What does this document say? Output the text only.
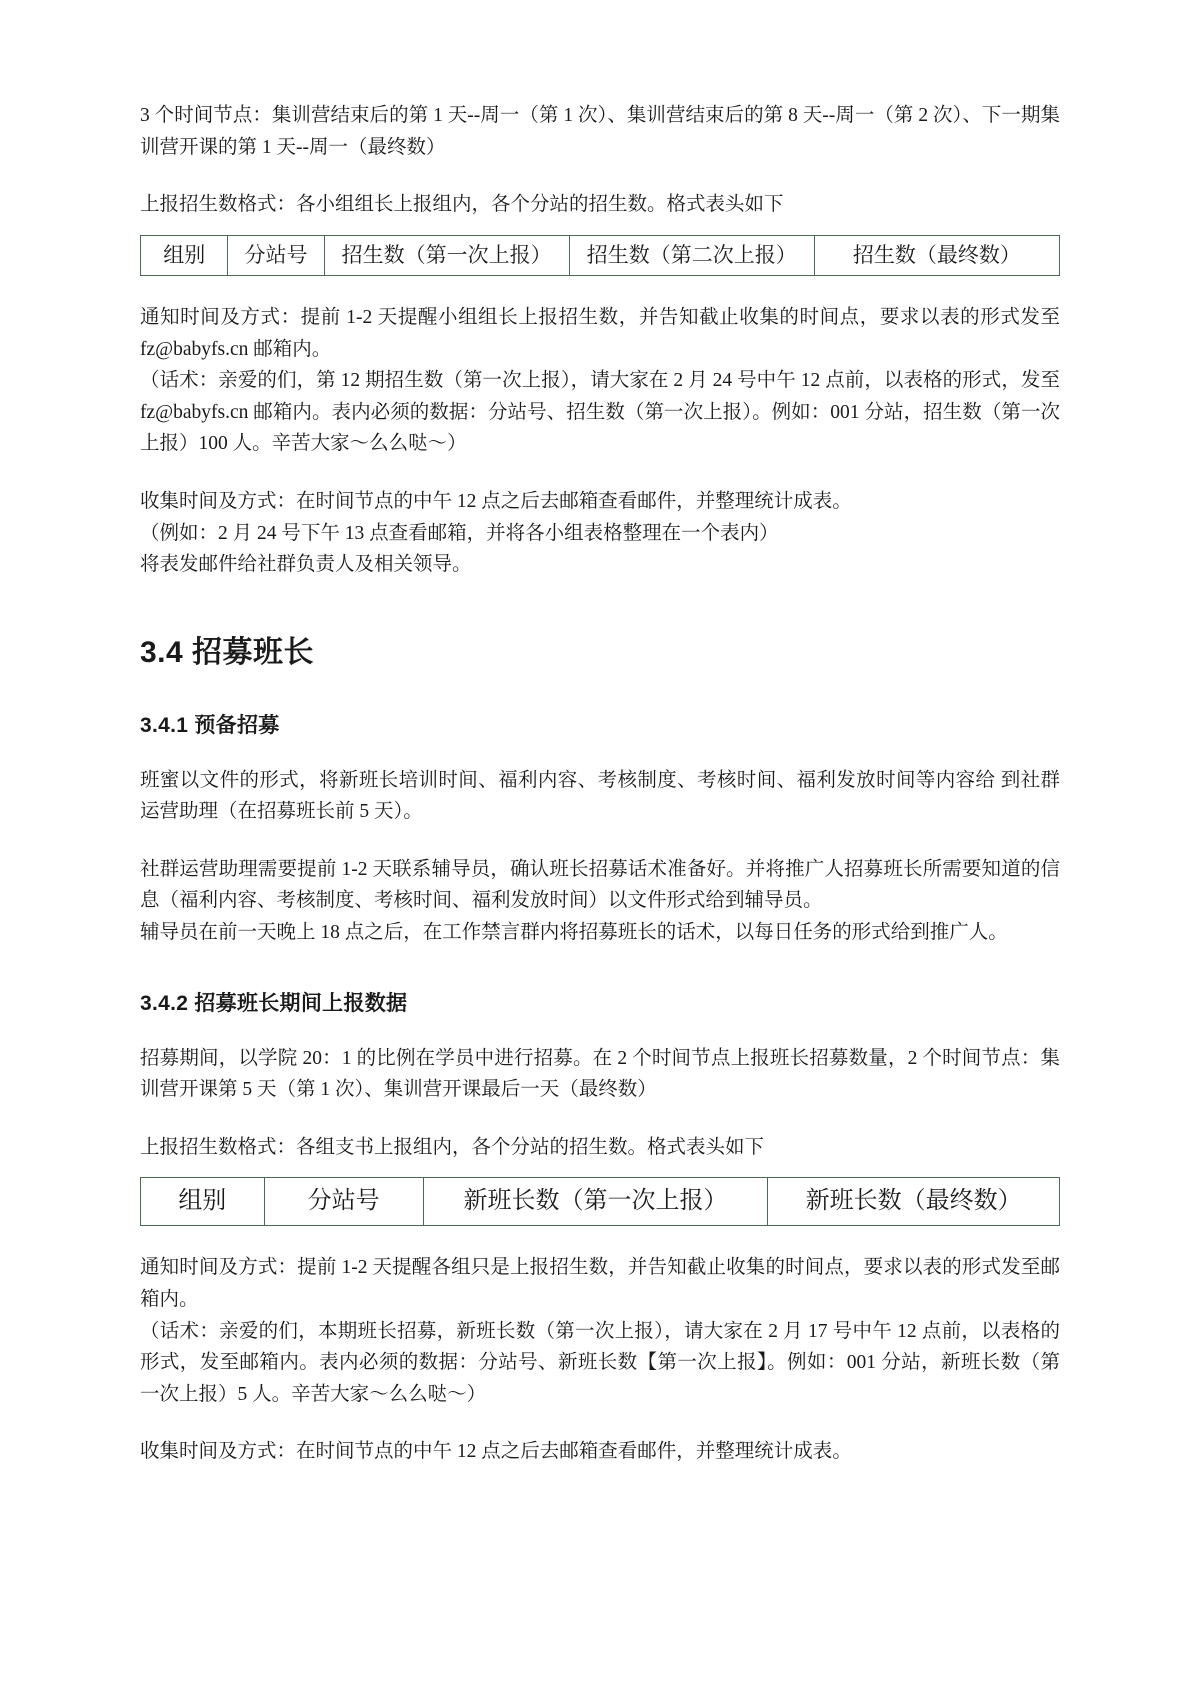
3 个时间节点：集训营结束后的第 1 天--周一（第 1 次）、集训营结束后的第 8 天--周一（第 2 次）、下一期集训营开课的第 1 天--周一（最终数）

上报招生数格式：各小组组长上报组内，各个分站的招生数。格式表头如下

组别	分站号	招生数（第一次上报）	招生数（第二次上报）	招生数（最终数）

通知时间及方式：提前 1-2 天提醒小组组长上报招生数，并告知截止收集的时间点，要求以表的形式发至 fz@babyfs.cn 邮箱内。

（话术：亲爱的们，第 12 期招生数（第一次上报），请大家在 2 月 24 号中午 12 点前，以表格的形式，发至 fz@babyfs.cn 邮箱内。表内必须的数据：分站号、招生数（第一次上报）。例如：001 分站，招生数（第一次上报）100 人。辛苦大家〜么么哒〜）

收集时间及方式：在时间节点的中午 12 点之后去邮箱查看邮件，并整理统计成表。

（例如：2 月 24 号下午 13 点查看邮箱，并将各小组表格整理在一个表内）

将表发邮件给社群负责人及相关领导。

3.4 招募班长
3.4.1 预备招募

班蜜以文件的形式，将新班长培训时间、福利内容、考核制度、考核时间、福利发放时间等内容给 到社群运营助理（在招募班长前 5 天）。

社群运营助理需要提前 1-2 天联系辅导员，确认班长招募话术准备好。并将推广人招募班长所需要知道的信息（福利内容、考核制度、考核时间、福利发放时间）以文件形式给到辅导员。

辅导员在前一天晚上 18 点之后，在工作禁言群内将招募班长的话术，以每日任务的形式给到推广人。

3.4.2 招募班长期间上报数据

招募期间，以学院 20：1 的比例在学员中进行招募。在 2 个时间节点上报班长招募数量，2 个时间节点：集训营开课第 5 天（第 1 次）、集训营开课最后一天（最终数）

上报招生数格式：各组支书上报组内，各个分站的招生数。格式表头如下

组别	分站号	新班长数（第一次上报）	新班长数（最终数）

通知时间及方式：提前 1-2 天提醒各组只是上报招生数，并告知截止收集的时间点，要求以表的形式发至邮箱内。

（话术：亲爱的们，本期班长招募，新班长数（第一次上报），请大家在 2 月 17 号中午 12 点前，以表格的形式，发至邮箱内。表内必须的数据：分站号、新班长数【第一次上报】。例如：001 分站，新班长数（第一次上报）5 人。辛苦大家〜么么哒〜）

收集时间及方式：在时间节点的中午 12 点之后去邮箱查看邮件，并整理统计成表。
